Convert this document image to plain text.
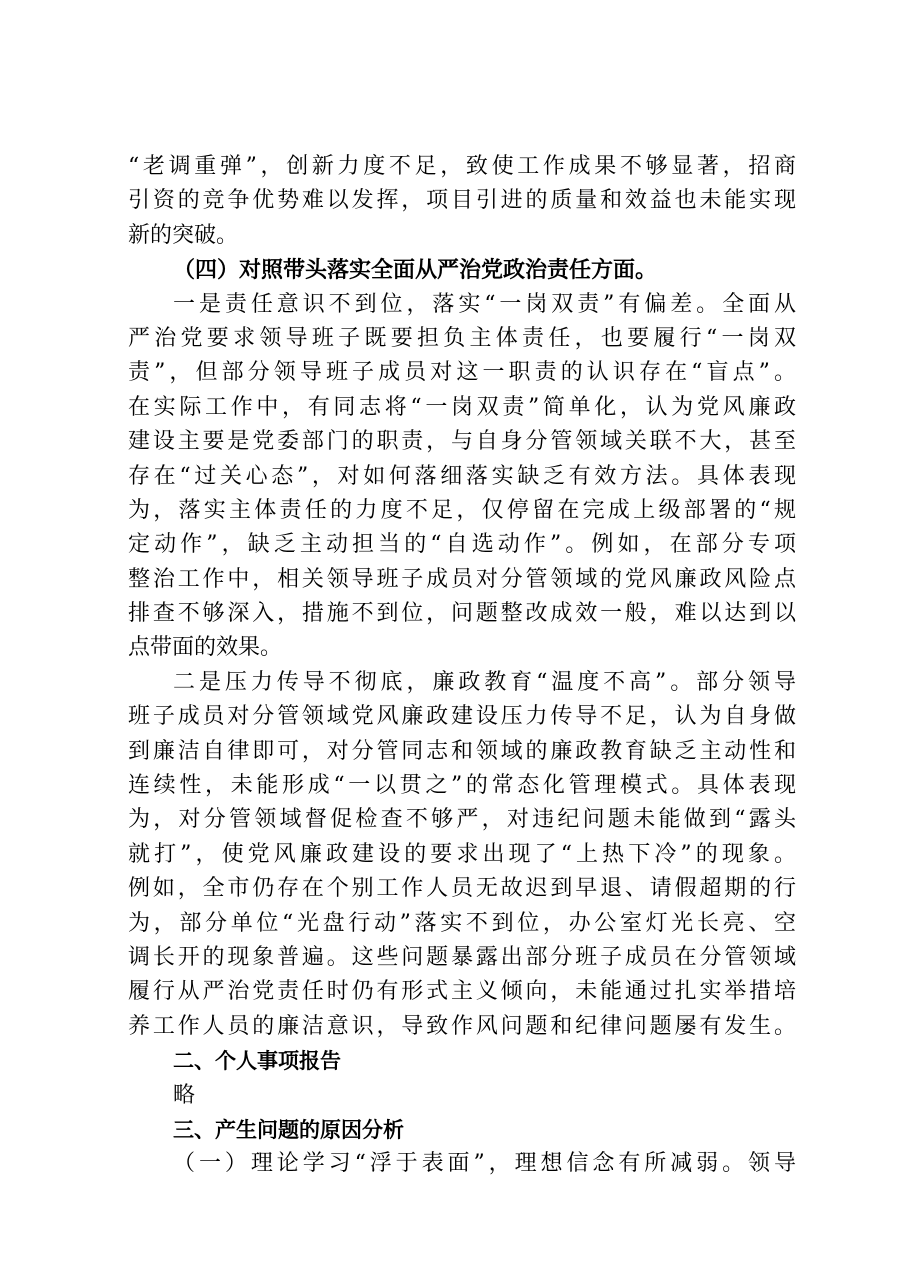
“老调重弹”，创新力度不足，致使工作成果不够显著，招商
引资的竞争优势难以发挥，项目引进的质量和效益也未能实现
新的突破。
（四）对照带头落实全面从严治党政治责任方面。
一是责任意识不到位，落实“一岗双责”有偏差。全面从
严治党要求领导班子既要担负主体责任，也要履行“一岗双
责”，但部分领导班子成员对这一职责的认识存在“盲点”。
在实际工作中，有同志将“一岗双责”简单化，认为党风廉政
建设主要是党委部门的职责，与自身分管领域关联不大，甚至
存在“过关心态”，对如何落细落实缺乏有效方法。具体表现
为，落实主体责任的力度不足，仅停留在完成上级部署的“规
定动作”，缺乏主动担当的“自选动作”。例如，在部分专项
整治工作中，相关领导班子成员对分管领域的党风廉政风险点
排查不够深入，措施不到位，问题整改成效一般，难以达到以
点带面的效果。
二是压力传导不彻底，廉政教育“温度不高”。部分领导
班子成员对分管领域党风廉政建设压力传导不足，认为自身做
到廉洁自律即可，对分管同志和领域的廉政教育缺乏主动性和
连续性，未能形成“一以贯之”的常态化管理模式。具体表现
为，对分管领域督促检查不够严，对违纪问题未能做到“露头
就打”，使党风廉政建设的要求出现了“上热下冷”的现象。
例如，全市仍存在个别工作人员无故迟到早退、请假超期的行
为，部分单位“光盘行动”落实不到位，办公室灯光长亮、空
调长开的现象普遍。这些问题暴露出部分班子成员在分管领域
履行从严治党责任时仍有形式主义倾向，未能通过扎实举措培
养工作人员的廉洁意识，导致作风问题和纪律问题屡有发生。
二、个人事项报告
略
三、产生问题的原因分析
（一）理论学习“浮于表面”，理想信念有所减弱。领导
